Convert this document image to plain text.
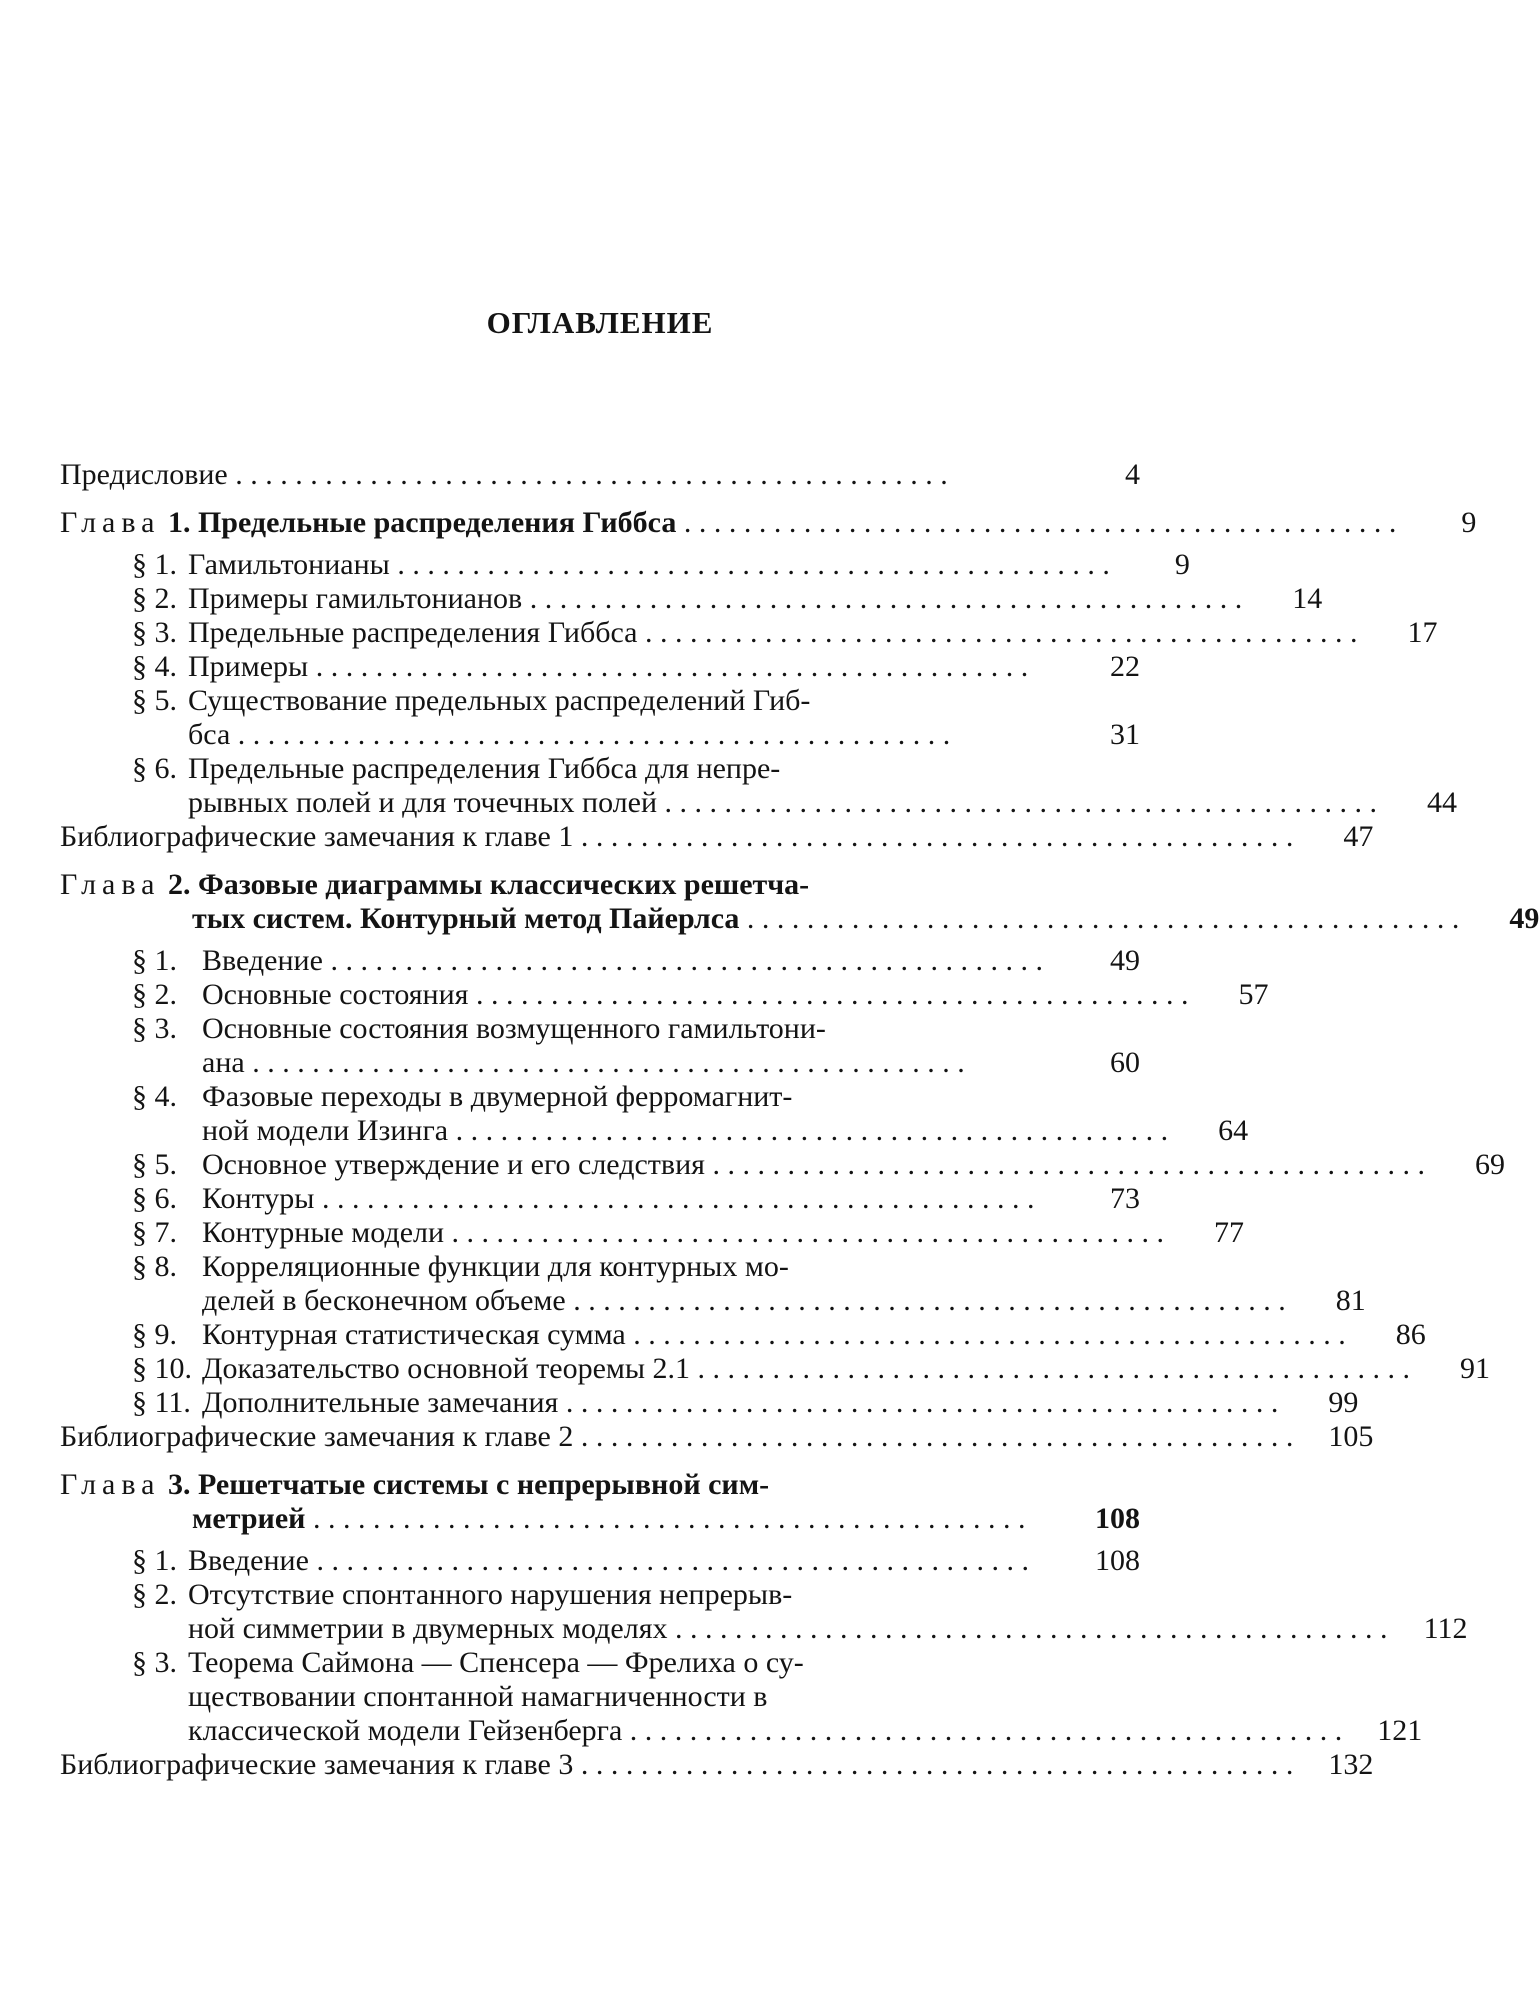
ОГЛАВЛЕНИЕ
Предисловие . . . . . . . . . . . . . . . . . . . . . . . . . . . . . . . . . . . . . . . . . . . . . . . .	4
Глава 1. Предельные распределения Гиббса . . . . . . . . . . . . . . . . . . . . . . . . . . . . . . . . . . . . . . . . . . . . . . . .	9
§ 1. Гамильтонианы . . . . . . . . . . . . . . . . . . . . . . . . . . . . . . . . . . . . . . . . . . . . . . . .	9
§ 2. Примеры гамильтонианов . . . . . . . . . . . . . . . . . . . . . . . . . . . . . . . . . . . . . . . . . . . . . . . .	14
§ 3. Предельные распределения Гиббса . . . . . . . . . . . . . . . . . . . . . . . . . . . . . . . . . . . . . . . . . . . . . . . .	17
§ 4. Примеры . . . . . . . . . . . . . . . . . . . . . . . . . . . . . . . . . . . . . . . . . . . . . . . .	22
§ 5. Существование предельных распределений Гиб-
бса . . . . . . . . . . . . . . . . . . . . . . . . . . . . . . . . . . . . . . . . . . . . . . . .	31
§ 6. Предельные распределения Гиббса для непре-
рывных полей и для точечных полей . . . . . . . . . . . . . . . . . . . . . . . . . . . . . . . . . . . . . . . . . . . . . . . .	44
Библиографические замечания к главе 1 . . . . . . . . . . . . . . . . . . . . . . . . . . . . . . . . . . . . . . . . . . . . . . . .	47
Глава 2. Фазовые диаграммы классических решетча-
тых систем. Контурный метод Пайерлса . . . . . . . . . . . . . . . . . . . . . . . . . . . . . . . . . . . . . . . . . . . . . . . .	49
§ 1. Введение . . . . . . . . . . . . . . . . . . . . . . . . . . . . . . . . . . . . . . . . . . . . . . . .	49
§ 2. Основные состояния . . . . . . . . . . . . . . . . . . . . . . . . . . . . . . . . . . . . . . . . . . . . . . . .	57
§ 3. Основные состояния возмущенного гамильтони-
ана . . . . . . . . . . . . . . . . . . . . . . . . . . . . . . . . . . . . . . . . . . . . . . . .	60
§ 4. Фазовые переходы в двумерной ферромагнит-
ной модели Изинга . . . . . . . . . . . . . . . . . . . . . . . . . . . . . . . . . . . . . . . . . . . . . . . .	64
§ 5. Основное утверждение и его следствия . . . . . . . . . . . . . . . . . . . . . . . . . . . . . . . . . . . . . . . . . . . . . . . .	69
§ 6. Контуры . . . . . . . . . . . . . . . . . . . . . . . . . . . . . . . . . . . . . . . . . . . . . . . .	73
§ 7. Контурные модели . . . . . . . . . . . . . . . . . . . . . . . . . . . . . . . . . . . . . . . . . . . . . . . .	77
§ 8. Корреляционные функции для контурных мо-
делей в бесконечном объеме . . . . . . . . . . . . . . . . . . . . . . . . . . . . . . . . . . . . . . . . . . . . . . . .	81
§ 9. Контурная статистическая сумма . . . . . . . . . . . . . . . . . . . . . . . . . . . . . . . . . . . . . . . . . . . . . . . .	86
§ 10. Доказательство основной теоремы 2.1 . . . . . . . . . . . . . . . . . . . . . . . . . . . . . . . . . . . . . . . . . . . . . . . .	91
§ 11. Дополнительные замечания . . . . . . . . . . . . . . . . . . . . . . . . . . . . . . . . . . . . . . . . . . . . . . . .	99
Библиографические замечания к главе 2 . . . . . . . . . . . . . . . . . . . . . . . . . . . . . . . . . . . . . . . . . . . . . . . .	105
Глава 3. Решетчатые системы с непрерывной сим-
метрией . . . . . . . . . . . . . . . . . . . . . . . . . . . . . . . . . . . . . . . . . . . . . . . .	108
§ 1. Введение . . . . . . . . . . . . . . . . . . . . . . . . . . . . . . . . . . . . . . . . . . . . . . . .	108
§ 2. Отсутствие спонтанного нарушения непрерыв-
ной симметрии в двумерных моделях . . . . . . . . . . . . . . . . . . . . . . . . . . . . . . . . . . . . . . . . . . . . . . . .	112
§ 3. Теорема Саймона — Спенсера — Фрелиха о су-
ществовании спонтанной намагниченности в
классической модели Гейзенберга . . . . . . . . . . . . . . . . . . . . . . . . . . . . . . . . . . . . . . . . . . . . . . . .	121
Библиографические замечания к главе 3 . . . . . . . . . . . . . . . . . . . . . . . . . . . . . . . . . . . . . . . . . . . . . . . .	132
